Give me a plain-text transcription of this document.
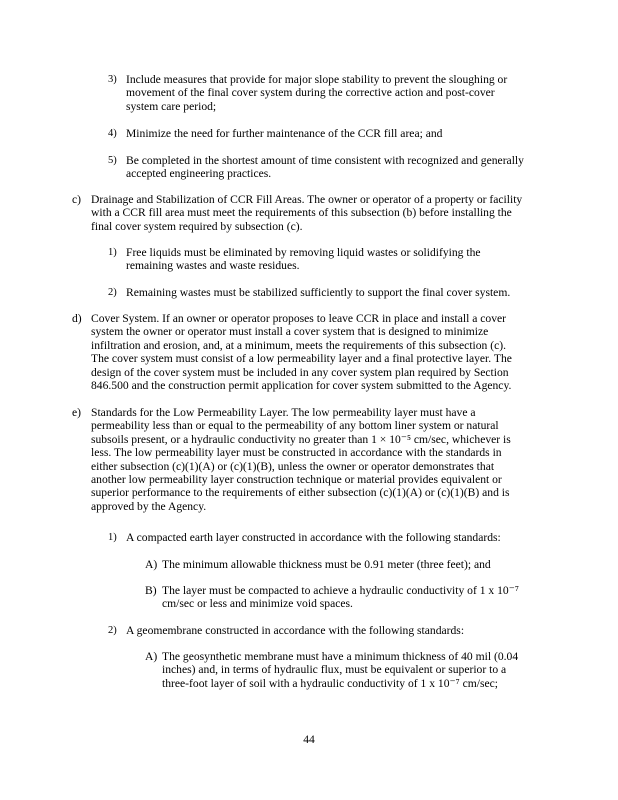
3) Include measures that provide for major slope stability to prevent the sloughing or
movement of the final cover system during the corrective action and post-cover
system care period;
4) Minimize the need for further maintenance of the CCR fill area; and
5) Be completed in the shortest amount of time consistent with recognized and generally
accepted engineering practices.
c) Drainage and Stabilization of CCR Fill Areas. The owner or operator of a property or facility
with a CCR fill area must meet the requirements of this subsection (b) before installing the
final cover system required by subsection (c).
1) Free liquids must be eliminated by removing liquid wastes or solidifying the
remaining wastes and waste residues.
2) Remaining wastes must be stabilized sufficiently to support the final cover system.
d) Cover System. If an owner or operator proposes to leave CCR in place and install a cover
system the owner or operator must install a cover system that is designed to minimize
infiltration and erosion, and, at a minimum, meets the requirements of this subsection (c).
The cover system must consist of a low permeability layer and a final protective layer. The
design of the cover system must be included in any cover system plan required by Section
846.500 and the construction permit application for cover system submitted to the Agency.
e) Standards for the Low Permeability Layer. The low permeability layer must have a
permeability less than or equal to the permeability of any bottom liner system or natural
subsoils present, or a hydraulic conductivity no greater than 1 × 10⁻⁵ cm/sec, whichever is
less. The low permeability layer must be constructed in accordance with the standards in
either subsection (c)(1)(A) or (c)(1)(B), unless the owner or operator demonstrates that
another low permeability layer construction technique or material provides equivalent or
superior performance to the requirements of either subsection (c)(1)(A) or (c)(1)(B) and is
approved by the Agency.
1) A compacted earth layer constructed in accordance with the following standards:
A) The minimum allowable thickness must be 0.91 meter (three feet); and
B) The layer must be compacted to achieve a hydraulic conductivity of 1 x 10⁻⁷
cm/sec or less and minimize void spaces.
2) A geomembrane constructed in accordance with the following standards:
A) The geosynthetic membrane must have a minimum thickness of 40 mil (0.04
inches) and, in terms of hydraulic flux, must be equivalent or superior to a
three-foot layer of soil with a hydraulic conductivity of 1 x 10⁻⁷ cm/sec;
44
